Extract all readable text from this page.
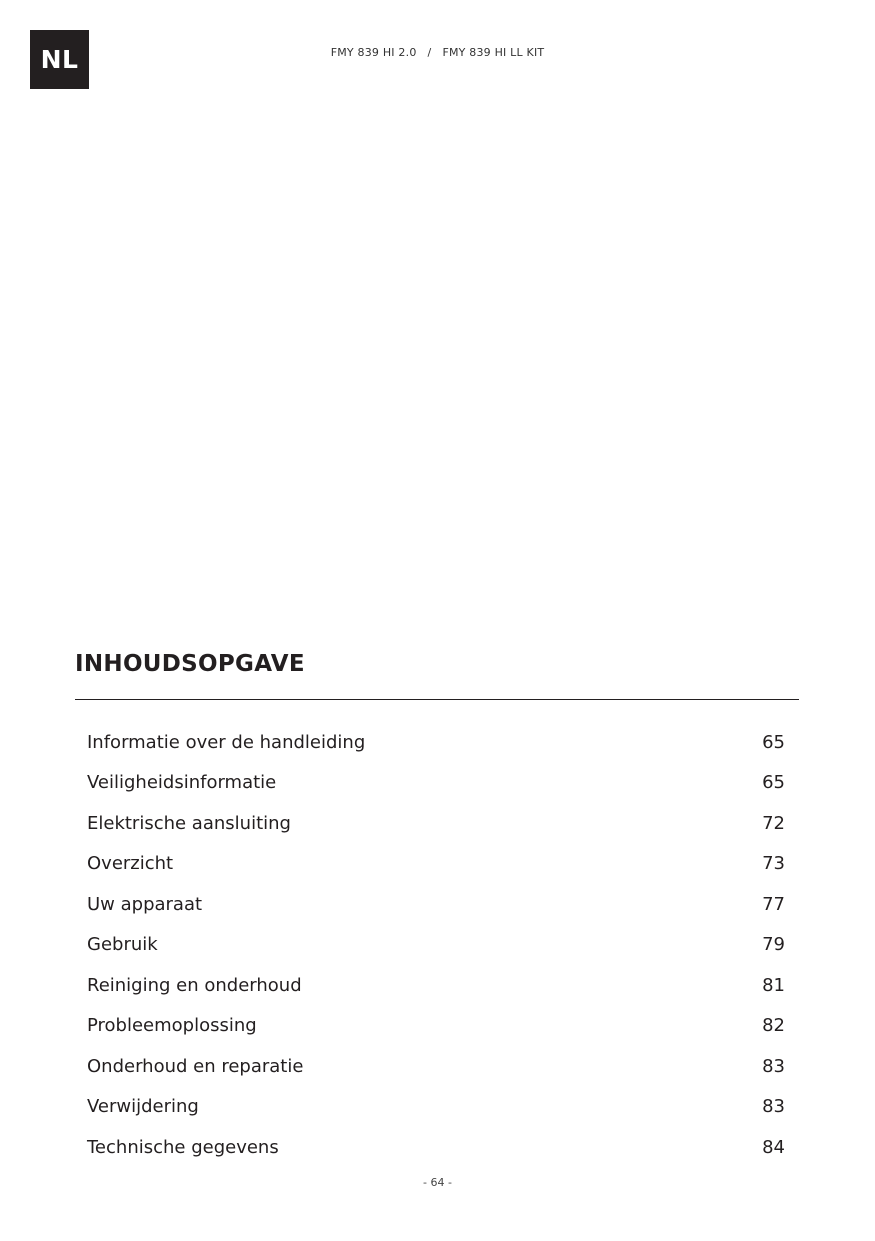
NL	FMY 839 HI 2.0 / FMY 839 HI LL KIT
INHOUDSOPGAVE
Informatie over de handleiding	65
Veiligheidsinformatie	65
Elektrische aansluiting	72
Overzicht	73
Uw apparaat	77
Gebruik	79
Reiniging en onderhoud	81
Probleemoplossing	82
Onderhoud en reparatie	83
Verwijdering	83
Technische gegevens	84
- 64 -
